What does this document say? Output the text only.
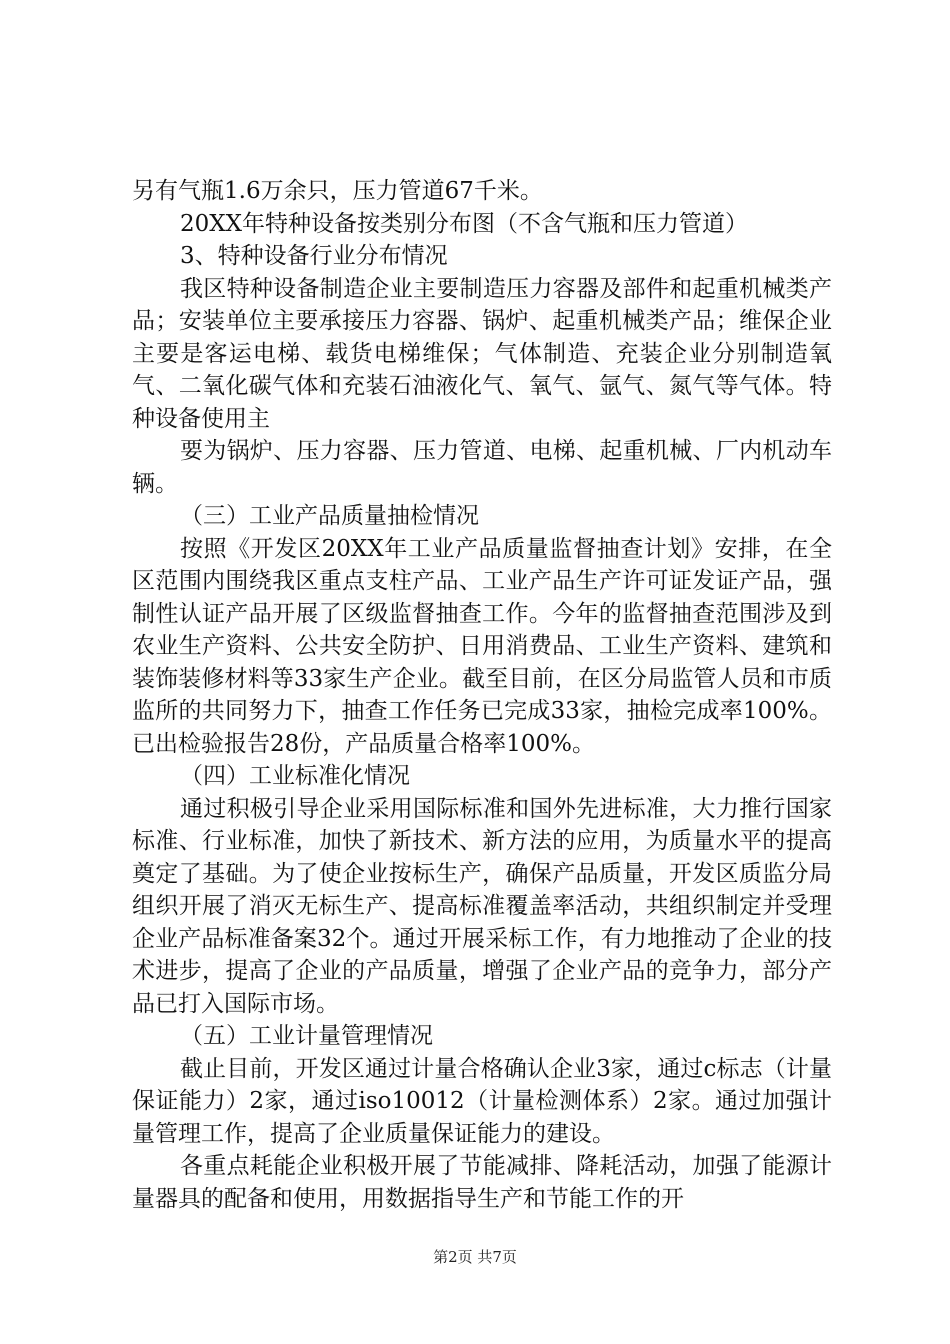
另有气瓶1.6万余只，压力管道67千米。

20XX年特种设备按类别分布图（不含气瓶和压力管道）

3、特种设备行业分布情况

我区特种设备制造企业主要制造压力容器及部件和起重机械类产品；安装单位主要承接压力容器、锅炉、起重机械类产品；维保企业主要是客运电梯、载货电梯维保；气体制造、充装企业分别制造氧气、二氧化碳气体和充装石油液化气、氧气、氩气、氮气等气体。特种设备使用主

要为锅炉、压力容器、压力管道、电梯、起重机械、厂内机动车辆。

（三）工业产品质量抽检情况

按照《开发区20XX年工业产品质量监督抽查计划》安排，在全区范围内围绕我区重点支柱产品、工业产品生产许可证发证产品，强制性认证产品开展了区级监督抽查工作。今年的监督抽查范围涉及到农业生产资料、公共安全防护、日用消费品、工业生产资料、建筑和装饰装修材料等33家生产企业。截至目前，在区分局监管人员和市质监所的共同努力下，抽查工作任务已完成33家，抽检完成率100%。已出检验报告28份，产品质量合格率100%。

（四）工业标准化情况

通过积极引导企业采用国际标准和国外先进标准，大力推行国家标准、行业标准，加快了新技术、新方法的应用，为质量水平的提高奠定了基础。为了使企业按标生产，确保产品质量，开发区质监分局组织开展了消灭无标生产、提高标准覆盖率活动，共组织制定并受理企业产品标准备案32个。通过开展采标工作，有力地推动了企业的技术进步，提高了企业的产品质量，增强了企业产品的竞争力，部分产品已打入国际市场。

（五）工业计量管理情况

截止目前，开发区通过计量合格确认企业3家，通过c标志（计量保证能力）2家，通过iso10012（计量检测体系）2家。通过加强计量管理工作，提高了企业质量保证能力的建设。

各重点耗能企业积极开展了节能减排、降耗活动，加强了能源计量器具的配备和使用，用数据指导生产和节能工作的开

第2页 共7页
